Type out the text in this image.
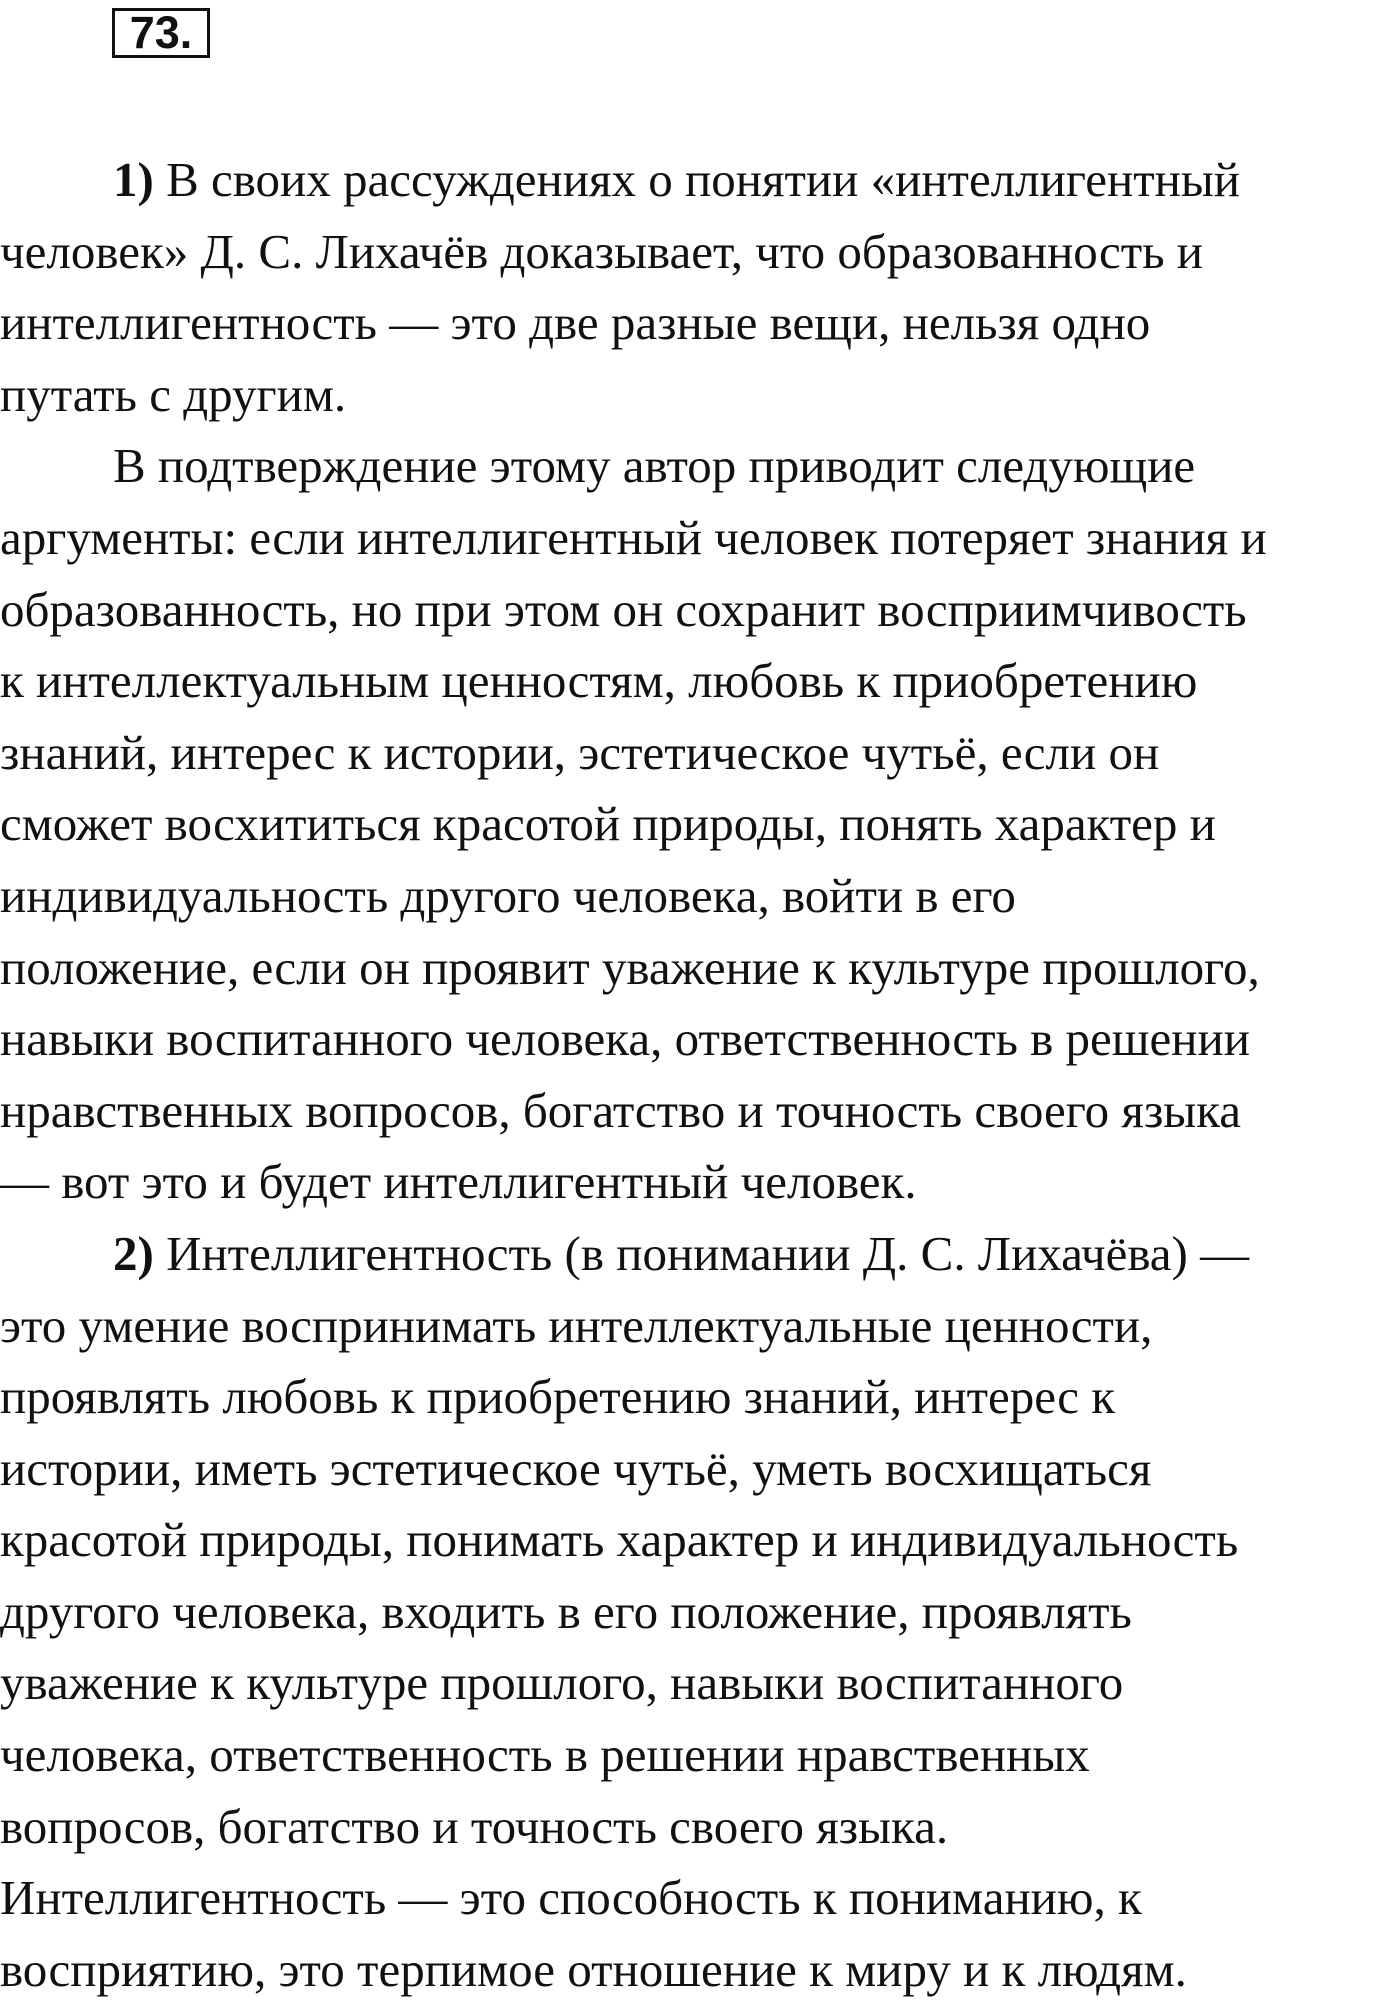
73.
1) В своих рассуждениях о понятии «интеллигентный
человек» Д. С. Лихачёв доказывает, что образованность и
интеллигентность — это две разные вещи, нельзя одно
путать с другим.
В подтверждение этому автор приводит следующие
аргументы: если интеллигентный человек потеряет знания и
образованность, но при этом он сохранит восприимчивость
к интеллектуальным ценностям, любовь к приобретению
знаний, интерес к истории, эстетическое чутьё, если он
сможет восхититься красотой природы, понять характер и
индивидуальность другого человека, войти в его
положение, если он проявит уважение к культуре прошлого,
навыки воспитанного человека, ответственность в решении
нравственных вопросов, богатство и точность своего языка
— вот это и будет интеллигентный человек.
2) Интеллигентность (в понимании Д. С. Лихачёва) —
это умение воспринимать интеллектуальные ценности,
проявлять любовь к приобретению знаний, интерес к
истории, иметь эстетическое чутьё, уметь восхищаться
красотой природы, понимать характер и индивидуальность
другого человека, входить в его положение, проявлять
уважение к культуре прошлого, навыки воспитанного
человека, ответственность в решении нравственных
вопросов, богатство и точность своего языка.
Интеллигентность — это способность к пониманию, к
восприятию, это терпимое отношение к миру и к людям.
